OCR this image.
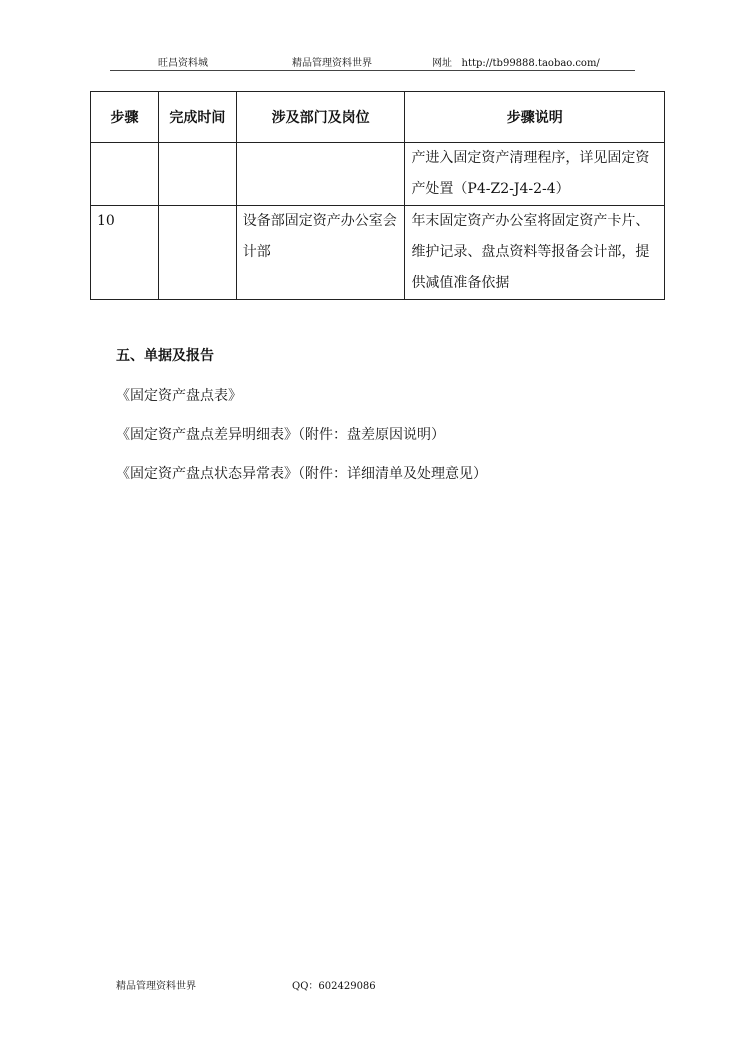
旺昌资料城	精品管理资料世界	网址 http://tb99888.taobao.com/
步骤	完成时间	涉及部门及岗位	步骤说明

			产进入固定资产清理程序，详见固定资产处置（P4-Z2-J4-2-4）

10		设备部固定资产办公室会计部	年末固定资产办公室将固定资产卡片、维护记录、盘点资料等报备会计部，提供减值准备依据
五、单据及报告
《固定资产盘点表》
《固定资产盘点差异明细表》（附件：盘差原因说明）
《固定资产盘点状态异常表》（附件：详细清单及处理意见）
精品管理资料世界	QQ：602429086
